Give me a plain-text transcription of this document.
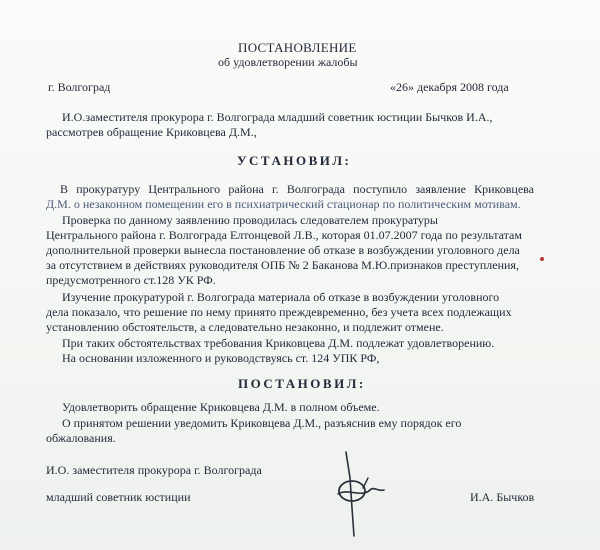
ПОСТАНОВЛЕНИЕ
об удовлетворении жалобы
г. Волгоград	«26» декабря 2008 года
И.О.заместителя прокурора г. Волгограда младший советник юстиции Бычков И.А.,
рассмотрев обращение Криковцева Д.М.,
УСТАНОВИЛ:
В прокуратуру Центрального района г. Волгограда поступило заявление Криковцева
Д.М. о незаконном помещении его в психиатрический стационар по политическим мотивам.
Проверка по данному заявлению проводилась следователем прокуратуры
Центрального района г. Волгограда Елтонцевой Л.В., которая 01.07.2007 года по результатам
дополнительной проверки вынесла постановление об отказе в возбуждении уголовного дела
за отсутствием в действиях руководителя ОПБ № 2 Баканова М.Ю.признаков преступления,
предусмотренного ст.128 УК РФ.
Изучение прокуратурой г. Волгограда материала об отказе в возбуждении уголовного
дела показало, что решение по нему принято преждевременно, без учета всех подлежащих
установлению обстоятельств, а следовательно незаконно, и подлежит отмене.
При таких обстоятельствах требования Криковцева Д.М. подлежат удовлетворению.
На основании изложенного и руководствуясь ст. 124 УПК РФ,
ПОСТАНОВИЛ:
Удовлетворить обращение Криковцева Д.М. в полном объеме.
О принятом решении уведомить Криковцева Д.М., разъяснив ему порядок его
обжалования.
И.О. заместителя прокурора г. Волгограда
младший советник юстиции	И.А. Бычков
